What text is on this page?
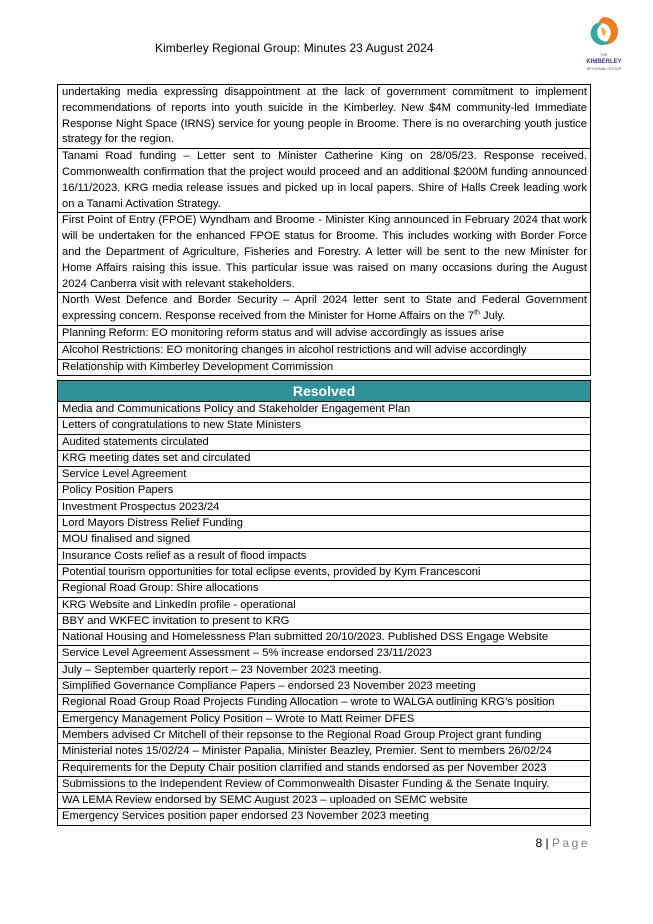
Kimberley Regional Group: Minutes 23 August 2024	THE
KIMBERLEY
REGIONAL GROUP
undertaking media expressing disappointment at the lack of government commitment to implement recommendations of reports into youth suicide in the Kimberley. New $4M community-led Immediate Response Night Space (IRNS) service for young people in Broome. There is no overarching youth justice strategy for the region.
Tanami Road funding – Letter sent to Minister Catherine King on 28/05/23. Response received. Commonwealth confirmation that the project would proceed and an additional $200M funding announced 16/11/2023. KRG media release issues and picked up in local papers. Shire of Halls Creek leading work on a Tanami Activation Strategy.
First Point of Entry (FPOE) Wyndham and Broome - Minister King announced in February 2024 that work will be undertaken for the enhanced FPOE status for Broome. This includes working with Border Force and the Department of Agriculture, Fisheries and Forestry. A letter will be sent to the new Minister for Home Affairs raising this issue. This particular issue was raised on many occasions during the August 2024 Canberra visit with relevant stakeholders.
North West Defence and Border Security – April 2024 letter sent to State and Federal Government expressing concern. Response received from the Minister for Home Affairs on the 7th July.
Planning Reform: EO monitoring reform status and will advise accordingly as issues arise
Alcohol Restrictions: EO monitoring changes in alcohol restrictions and will advise accordingly
Relationship with Kimberley Development Commission
Resolved
Media and Communications Policy and Stakeholder Engagement Plan
Letters of congratulations to new State Ministers
Audited statements circulated
KRG meeting dates set and circulated
Service Level Agreement
Policy Position Papers
Investment Prospectus 2023/24
Lord Mayors Distress Relief Funding
MOU finalised and signed
Insurance Costs relief as a result of flood impacts
Potential tourism opportunities for total eclipse events, provided by Kym Francesconi
Regional Road Group: Shire allocations
KRG Website and LinkedIn profile - operational
BBY and WKFEC invitation to present to KRG
National Housing and Homelessness Plan submitted 20/10/2023. Published DSS Engage Website
Service Level Agreement Assessment – 5% increase endorsed 23/11/2023
July – September quarterly report – 23 November 2023 meeting.
Simplified Governance Compliance Papers – endorsed 23 November 2023 meeting
Regional Road Group Road Projects Funding Allocation – wrote to WALGA outlining KRG’s position
Emergency Management Policy Position – Wrote to Matt Reimer DFES
Members advised Cr Mitchell of their repsonse to the Regional Road Group Project grant funding
Ministerial notes 15/02/24 – Minister Papalia, Minister Beazley, Premier. Sent to members 26/02/24
Requirements for the Deputy Chair position clarrified and stands endorsed as per November 2023
Submissions to the Independent Review of Commonwealth Disaster Funding & the Senate Inquiry.
WA LEMA Review endorsed by SEMC August 2023 – uploaded on SEMC website
Emergency Services position paper endorsed 23 November 2023 meeting
8 | Page
